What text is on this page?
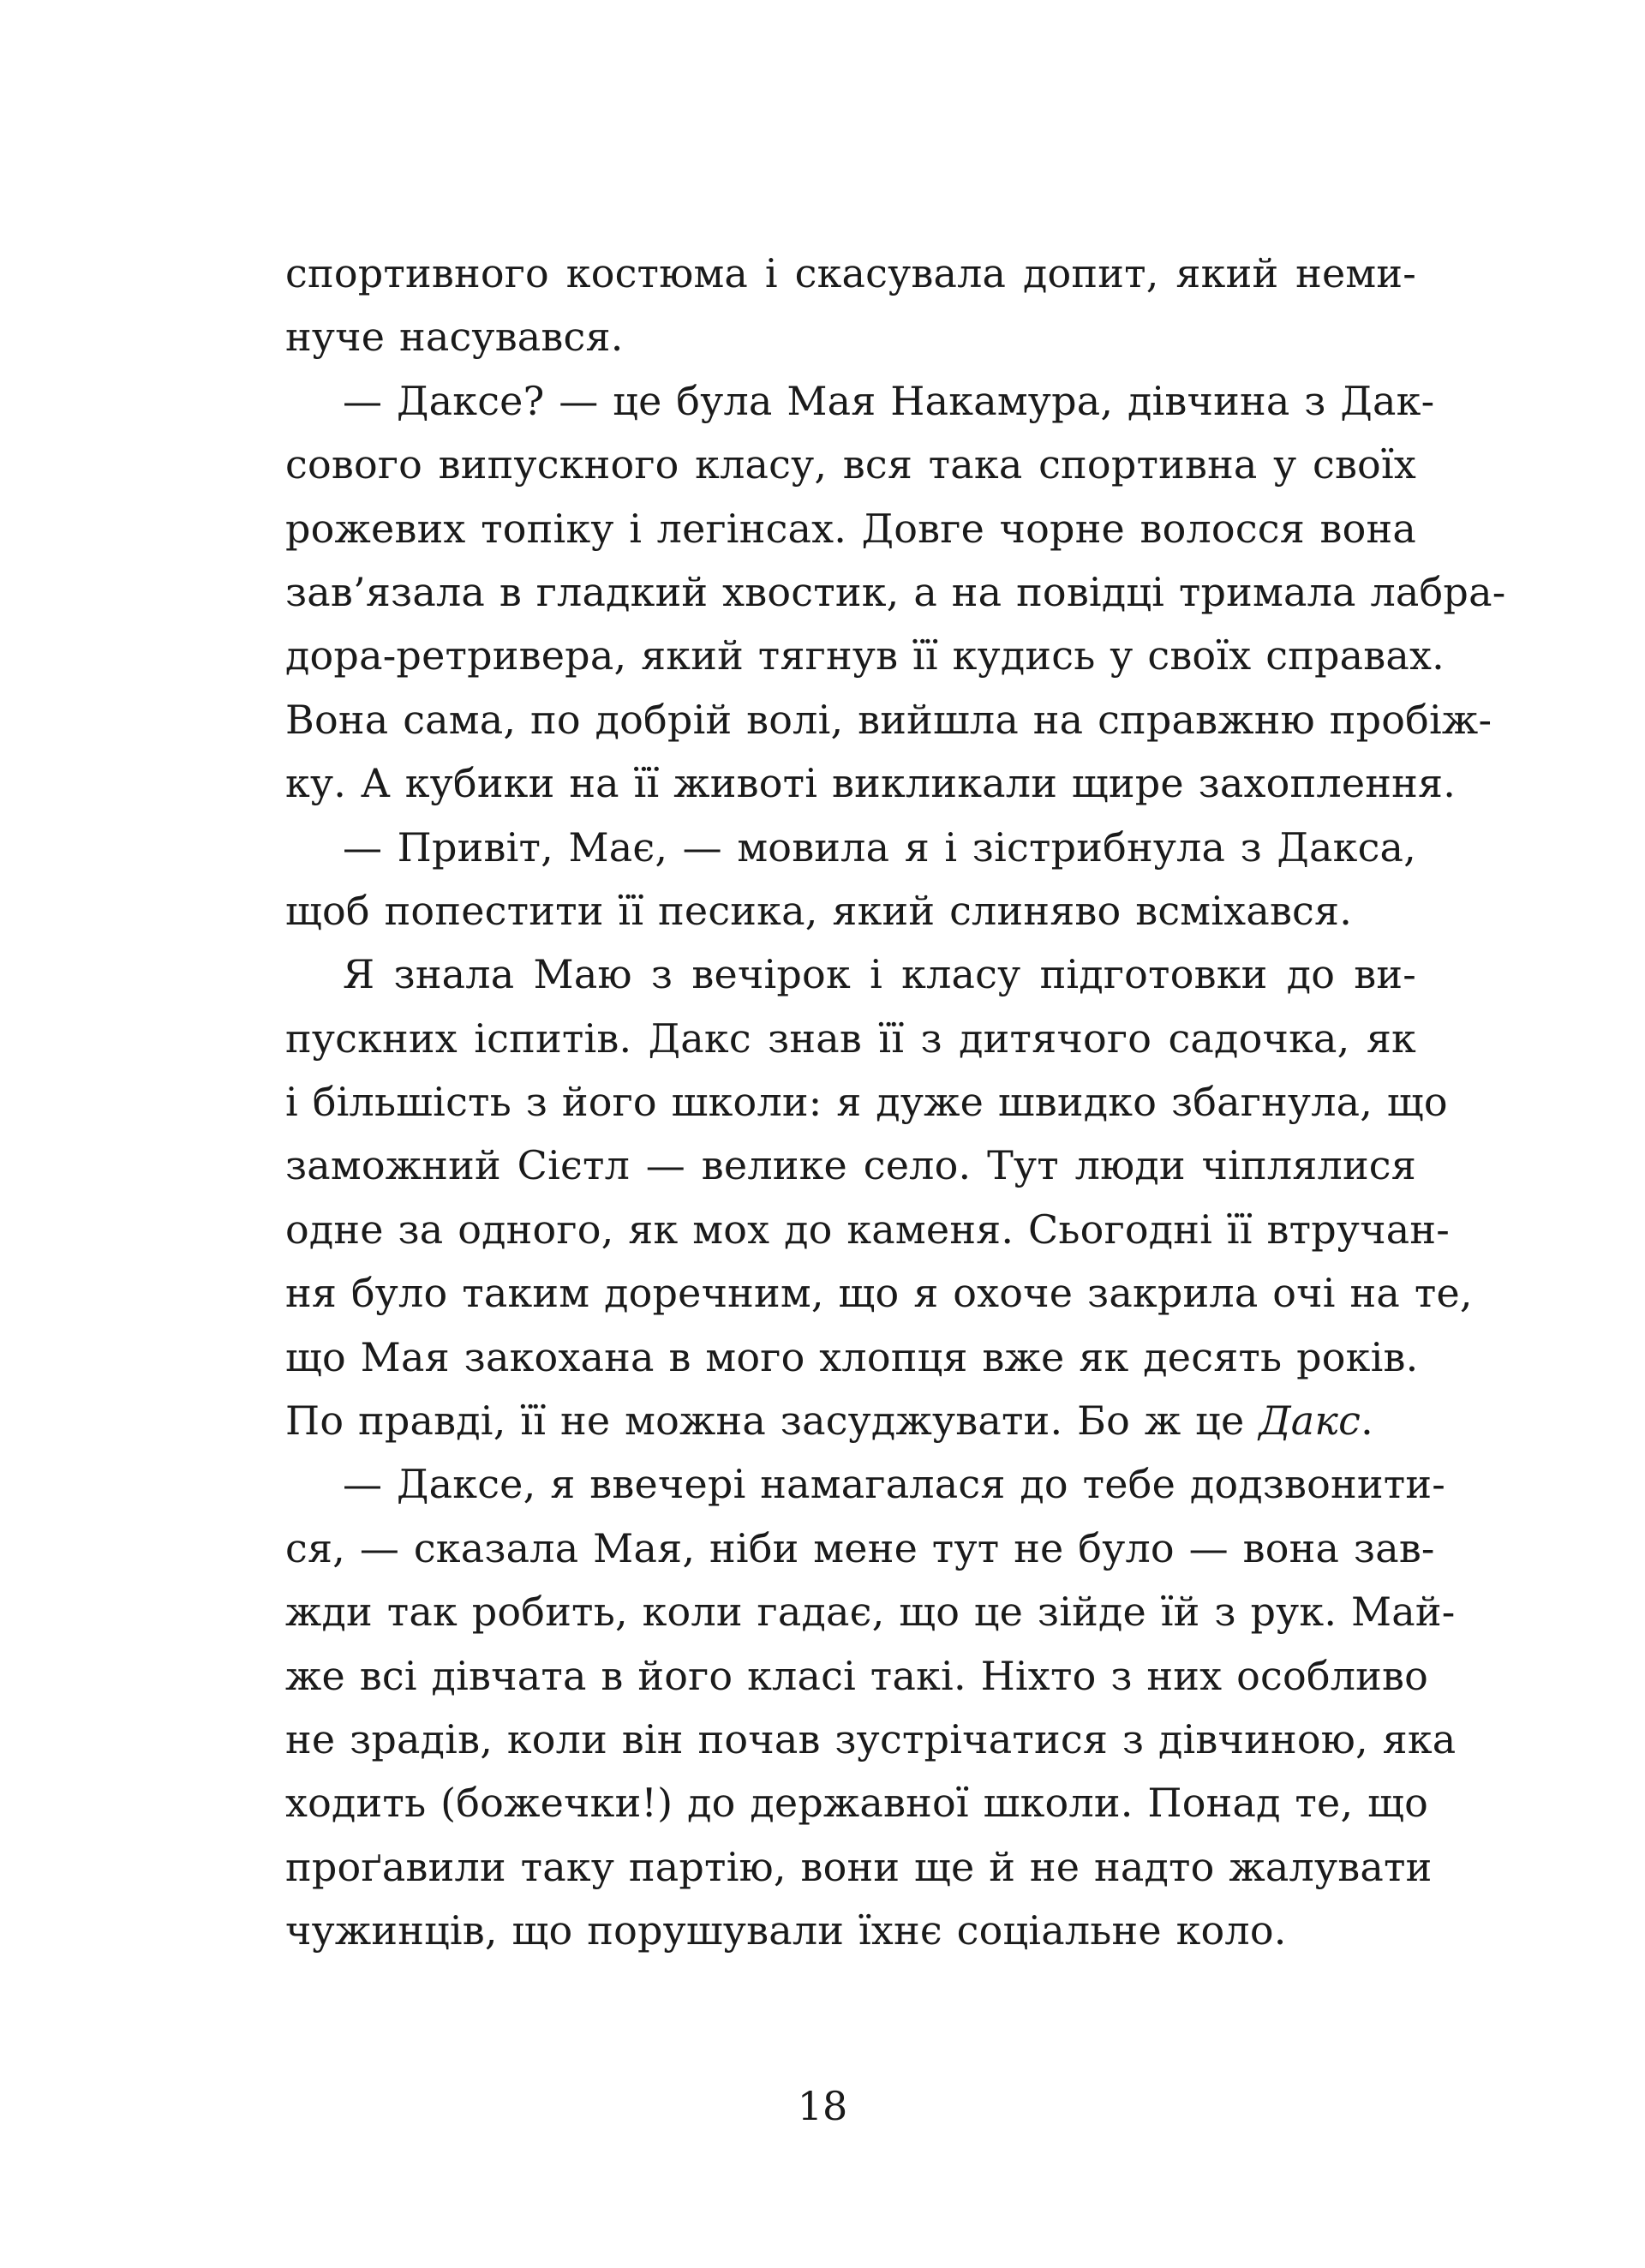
спортивного костюма і скасувала допит, який неми-
нуче насувався.
— Даксе? — це була Мая Накамура, дівчина з Дак-
сового випускного класу, вся така спортивна у своїх
рожевих топіку і легінсах. Довге чорне волосся вона
зав’язала в гладкий хвостик, а на повідці тримала лабра-
дора-ретривера, який тягнув її кудись у своїх справах.
Вона сама, по добрій волі, вийшла на справжню пробіж-
ку. А кубики на її животі викликали щире захоплення.
— Привіт, Має, — мовила я і зістрибнула з Дакса,
щоб попестити її песика, який слиняво всміхався.
Я знала Маю з вечірок і класу підготовки до ви-
пускних іспитів. Дакс знав її з дитячого садочка, як
і більшість з його школи: я дуже швидко збагнула, що
заможний Сієтл — велике село. Тут люди чіплялися
одне за одного, як мох до каменя. Сьогодні її втручан-
ня було таким доречним, що я охоче закрила очі на те,
що Мая закохана в мого хлопця вже як десять років.
По правді, її не можна засуджувати. Бо ж це Дакс.
— Даксе, я ввечері намагалася до тебе додзвонити-
ся, — сказала Мая, ніби мене тут не було — вона зав-
жди так робить, коли гадає, що це зійде їй з рук. Май-
же всі дівчата в його класі такі. Ніхто з них особливо
не зрадів, коли він почав зустрічатися з дівчиною, яка
ходить (божечки!) до державної школи. Понад те, що
проґавили таку партію, вони ще й не надто жалувати
чужинців, що порушували їхнє соціальне коло.
18
